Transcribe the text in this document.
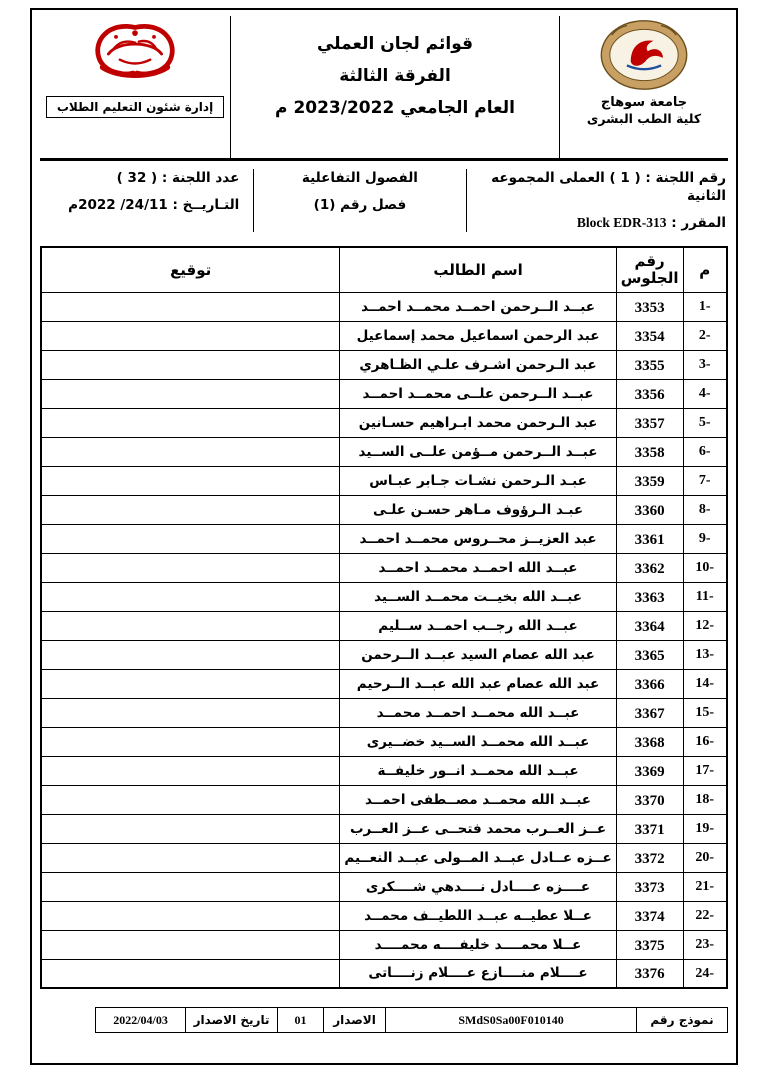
جامعة سوهاج
كلية الطب البشرى
قوائم لجان العملي
الفرقة الثالثة
العام الجامعي 2023/2022 م
إدارة شئون التعليم الطلاب
رقم اللجنة : ( 1 ) العملى المجموعه الثانية
المقرر : Block EDR-313
الفصول التفاعلية
فصل رقم (1)
عدد اللجنة : ( 32 )
التـاريــخ : 24/11/ 2022م
م	رقم الجلوس	اسم الطالب	توقيع
1-	3353	عبــد الــرحمن احمــد محمــد احمــد	
2-	3354	عبد الرحمن اسماعيل محمد إسماعيل	
3-	3355	عبد الـرحمن اشـرف علـي الظـاهري	
4-	3356	عبــد الــرحمن علــى محمــد احمــد	
5-	3357	عبد الـرحمن محمد ابـراهيم حسـانين	
6-	3358	عبــد الــرحمن مــؤمن علــى الســيد	
7-	3359	عبـد الـرحمن نشـات جـابر عبـاس	
8-	3360	عبـد الـرؤوف مـاهر حسـن علـى	
9-	3361	عبد العزيــز محــروس محمــد احمــد	
10-	3362	عبــد الله احمــد محمــد احمــد	
11-	3363	عبــد الله بخيــت محمــد الســيد	
12-	3364	عبــد الله رجــب احمــد ســليم	
13-	3365	عبد الله عصام السيد عبــد الــرحمن	
14-	3366	عبد الله عصام عبد الله عبــد الــرحيم	
15-	3367	عبــد الله محمــد احمــد محمــد	
16-	3368	عبــد الله محمــد الســيد خضــيرى	
17-	3369	عبــد الله محمــد انــور خليفــة	
18-	3370	عبــد الله محمــد مصــطفى احمــد	
19-	3371	عــز العــرب محمد فتحــى عــز العــرب	
20-	3372	عــزه عــادل عبــد المــولى عبــد النعــيم	
21-	3373	عــــزه عــــادل نــــدهي شــــكرى	
22-	3374	عــلا عطيــه عبــد اللطيــف محمــد	
23-	3375	عــلا محمــــد خليفــــه محمــــد	
24-	3376	عــــلام منــــازع عــــلام زنــــاتى	
نموذج رقم
SMdS0Sa00F010140
الاصدار
01
تاريخ الاصدار
2022/04/03
